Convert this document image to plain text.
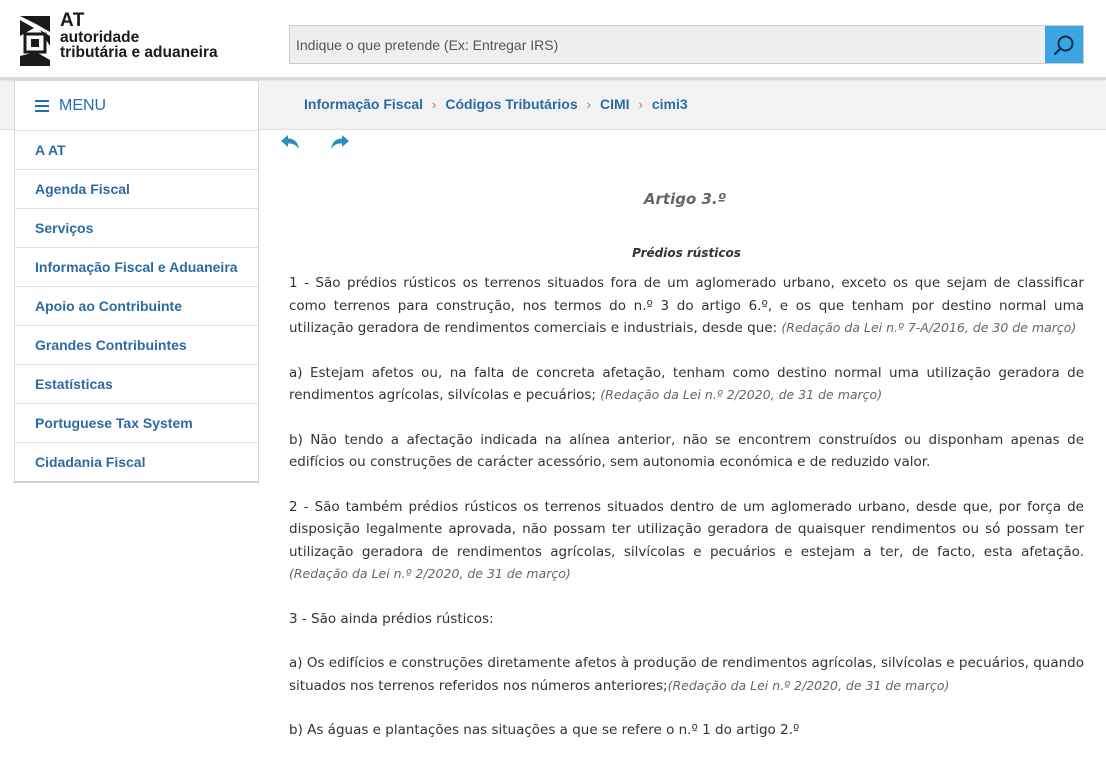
AT
autoridade
tributária e aduaneira
Indique o que pretende (Ex: Entregar IRS)
MENU
A AT
Agenda Fiscal
Serviços
Informação Fiscal e Aduaneira
Apoio ao Contribuinte
Grandes Contribuintes
Estatísticas
Portuguese Tax System
Cidadania Fiscal
Informação Fiscal › Códigos Tributários › CIMI › cimi3
Artigo 3.º
Prédios rústicos

1 - São prédios rústicos os terrenos situados fora de um aglomerado urbano, exceto os que sejam de classificar como terrenos para construção, nos termos do n.º 3 do artigo 6.º, e os que tenham por destino normal uma utilização geradora de rendimentos comerciais e industriais, desde que: (Redação da Lei n.º 7-A/2016, de 30 de março)

a) Estejam afetos ou, na falta de concreta afetação, tenham como destino normal uma utilização geradora de rendimentos agrícolas, silvícolas e pecuários; (Redação da Lei n.º 2/2020, de 31 de março)

b) Não tendo a afectação indicada na alínea anterior, não se encontrem construídos ou disponham apenas de edifícios ou construções de carácter acessório, sem autonomia económica e de reduzido valor.

2 - São também prédios rústicos os terrenos situados dentro de um aglomerado urbano, desde que, por força de disposição legalmente aprovada, não possam ter utilização geradora de quaisquer rendimentos ou só possam ter utilização geradora de rendimentos agrícolas, silvícolas e pecuários e estejam a ter, de facto, esta afetação. (Redação da Lei n.º 2/2020, de 31 de março)

3 - São ainda prédios rústicos:

a) Os edifícios e construções diretamente afetos à produção de rendimentos agrícolas, silvícolas e pecuários, quando situados nos terrenos referidos nos números anteriores;(Redação da Lei n.º 2/2020, de 31 de março)

b) As águas e plantações nas situações a que se refere o n.º 1 do artigo 2.º
